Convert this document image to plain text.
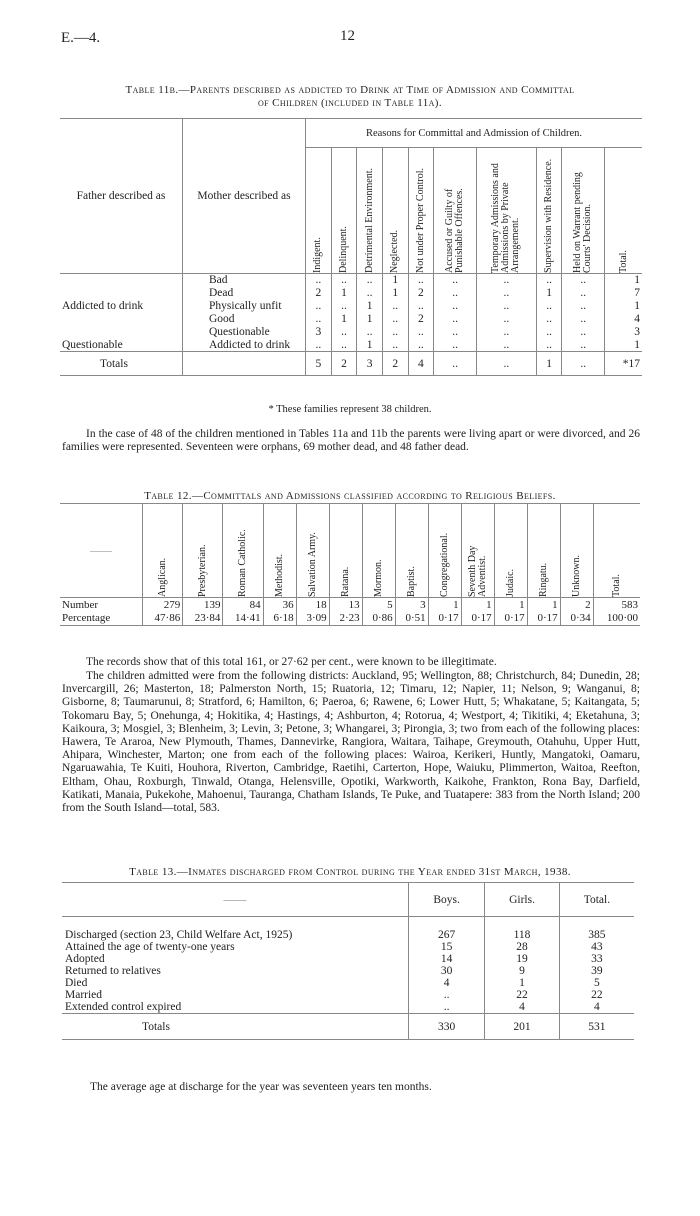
E.—4.	12
Table 11b.—Parents described as addicted to Drink at Time of Admission and Committal
of Children (included in Table 11a).
Father described as	Mother described as	Reasons for Committal and Admission of Children.									

		Indigent.	Delinquent.	Detrimental Environment.	Neglected.	Not under Proper Control.	Accused or Guilty of Punishable Offences.	Temporary Admissions and Admissions by Private Arrangement.	Supervision with Residence.	Held on Warrant pending Courts' Decision.	Total.

	Bad	..	..	..	1	..	..	..	..	..	1
	Dead	2	1	..	1	2	..	..	1	..	7
Addicted to drink	Physically unfit	..	..	1	..	..	..	..	..	..	1
	Good	..	1	1	..	2	..	..	..	..	4
	Questionable	3	..	..	..	..	..	..	..	..	3
Questionable	Addicted to drink	..	..	1	..	..	..	..	..	..	1
Totals		5	2	3	2	4	..	..	1	..	*17
* These families represent 38 children.
In the case of 48 of the children mentioned in Tables 11a and 11b the parents were living apart or were divorced, and 26 families were represented. Seventeen were orphans, 69 mother dead, and 48 father dead.
Table 12.—Committals and Admissions classified according to Religious Beliefs.
——	Anglican.	Presbyterian.	Roman Catholic.	Methodist.	Salvation Army.	Ratana.	Mormon.	Baptist.	Congregational.	Seventh Day Adventist.	Judaic.	Ringatu.	Unknown.	Total.

Number	279	139	84	36	18	13	5	3	1	1	1	1	2	583
Percentage	47·86	23·84	14·41	6·18	3·09	2·23	0·86	0·51	0·17	0·17	0·17	0·17	0·34	100·00
The records show that of this total 161, or 27·62 per cent., were known to be illegitimate.
The children admitted were from the following districts: Auckland, 95; Wellington, 88; Christchurch, 84; Dunedin, 28; Invercargill, 26; Masterton, 18; Palmerston North, 15; Ruatoria, 12; Timaru, 12; Napier, 11; Nelson, 9; Wanganui, 8; Gisborne, 8; Taumarunui, 8; Stratford, 6; Hamilton, 6; Paeroa, 6; Rawene, 6; Lower Hutt, 5; Whakatane, 5; Kaitangata, 5; Tokomaru Bay, 5; Onehunga, 4; Hokitika, 4; Hastings, 4; Ashburton, 4; Rotorua, 4; Westport, 4; Tikitiki, 4; Eketahuna, 3; Kaikoura, 3; Mosgiel, 3; Blenheim, 3; Levin, 3; Petone, 3; Whangarei, 3; Pirongia, 3; two from each of the following places: Hawera, Te Araroa, New Plymouth, Thames, Dannevirke, Rangiora, Waitara, Taihape, Greymouth, Otahuhu, Upper Hutt, Ahipara, Winchester, Marton; one from each of the following places: Wairoa, Kerikeri, Huntly, Mangatoki, Oamaru, Ngaruawahia, Te Kuiti, Houhora, Riverton, Cambridge, Raetihi, Carterton, Hope, Waiuku, Plimmerton, Waitoa, Reefton, Eltham, Ohau, Roxburgh, Tinwald, Otanga, Helensville, Opotiki, Warkworth, Kaikohe, Frankton, Rona Bay, Darfield, Katikati, Manaia, Pukekohe, Mahoenui, Tauranga, Chatham Islands, Te Puke, and Tuatapere: 383 from the North Island; 200 from the South Island—total, 583.
Table 13.—Inmates discharged from Control during the Year ended 31st March, 1938.
——	Boys.	Girls.	Total.

Discharged (section 23, Child Welfare Act, 1925)	267	118	385
Attained the age of twenty-one years	15	28	43
Adopted	14	19	33
Returned to relatives	30	9	39
Died	4	1	5
Married	..	22	22
Extended control expired	..	4	4
Totals	330	201	531
The average age at discharge for the year was seventeen years ten months.
